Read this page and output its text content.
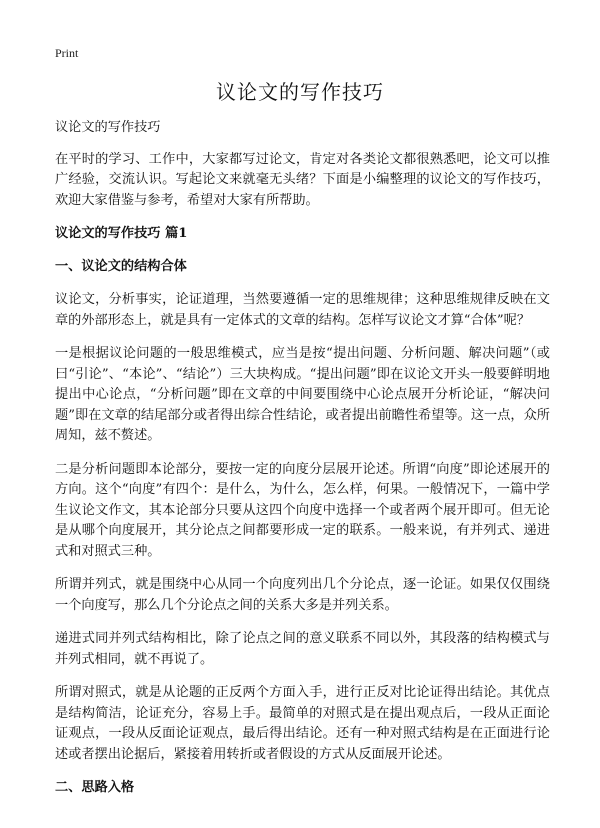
Print
议论文的写作技巧

议论文的写作技巧

在平时的学习、工作中，大家都写过论文，肯定对各类论文都很熟悉吧，论文可以推广经验，交流认识。写起论文来就毫无头绪？下面是小编整理的议论文的写作技巧，欢迎大家借鉴与参考，希望对大家有所帮助。

议论文的写作技巧 篇1
一、议论文的结构合体

议论文，分析事实，论证道理，当然要遵循一定的思维规律；这种思维规律反映在文章的外部形态上，就是具有一定体式的文章的结构。怎样写议论文才算“合体”呢？

一是根据议论问题的一般思维模式，应当是按“提出问题、分析问题、解决问题”（或曰“引论”、“本论”、“结论”）三大块构成。“提出问题”即在议论文开头一般要鲜明地提出中心论点，“分析问题”即在文章的中间要围绕中心论点展开分析论证，“解决问题”即在文章的结尾部分或者得出综合性结论，或者提出前瞻性希望等。这一点，众所周知，兹不赘述。

二是分析问题即本论部分，要按一定的向度分层展开论述。所谓“向度”即论述展开的方向。这个“向度”有四个：是什么，为什么，怎么样，何果。一般情况下，一篇中学生议论文作文，其本论部分只要从这四个向度中选择一个或者两个展开即可。但无论是从哪个向度展开，其分论点之间都要形成一定的联系。一般来说，有并列式、递进式和对照式三种。

所谓并列式，就是围绕中心从同一个向度列出几个分论点，逐一论证。如果仅仅围绕一个向度写，那么几个分论点之间的关系大多是并列关系。

递进式同并列式结构相比，除了论点之间的意义联系不同以外，其段落的结构模式与并列式相同，就不再说了。

所谓对照式，就是从论题的正反两个方面入手，进行正反对比论证得出结论。其优点是结构简洁，论证充分，容易上手。最简单的对照式是在提出观点后，一段从正面论证观点，一段从反面论证观点，最后得出结论。还有一种对照式结构是在正面进行论述或者摆出论据后，紧接着用转折或者假设的方式从反面展开论述。

二、思路入格
